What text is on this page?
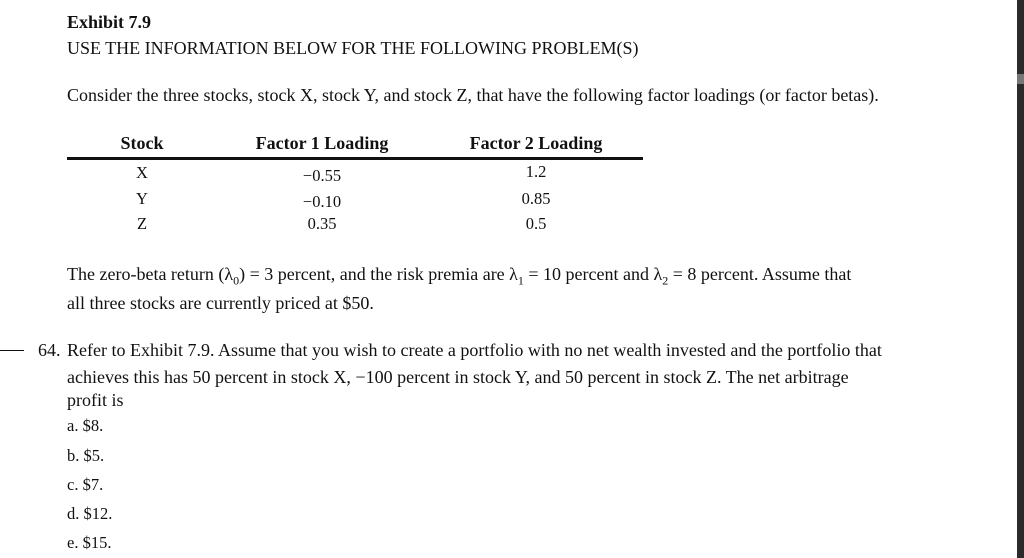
Exhibit 7.9
USE THE INFORMATION BELOW FOR THE FOLLOWING PROBLEM(S)
Consider the three stocks, stock X, stock Y, and stock Z, that have the following factor loadings (or factor betas).
Stock	Factor 1 Loading	Factor 2 Loading
X	−0.55	1.2
Y	−0.10	0.85
Z	0.35	0.5
The zero-beta return $(\lambda_0) = 3$ percent, and the risk premia are $\lambda_1 = 10$ percent and $\lambda_2 = 8$ percent. Assume that
all three stocks are currently priced at $50.
64. Refer to Exhibit 7.9. Assume that you wish to create a portfolio with no net wealth invested and the portfolio that
achieves this has 50 percent in stock X, −100 percent in stock Y, and 50 percent in stock Z. The net arbitrage
profit is
a. $8.
b. $5.
c. $7.
d. $12.
e. $15.
